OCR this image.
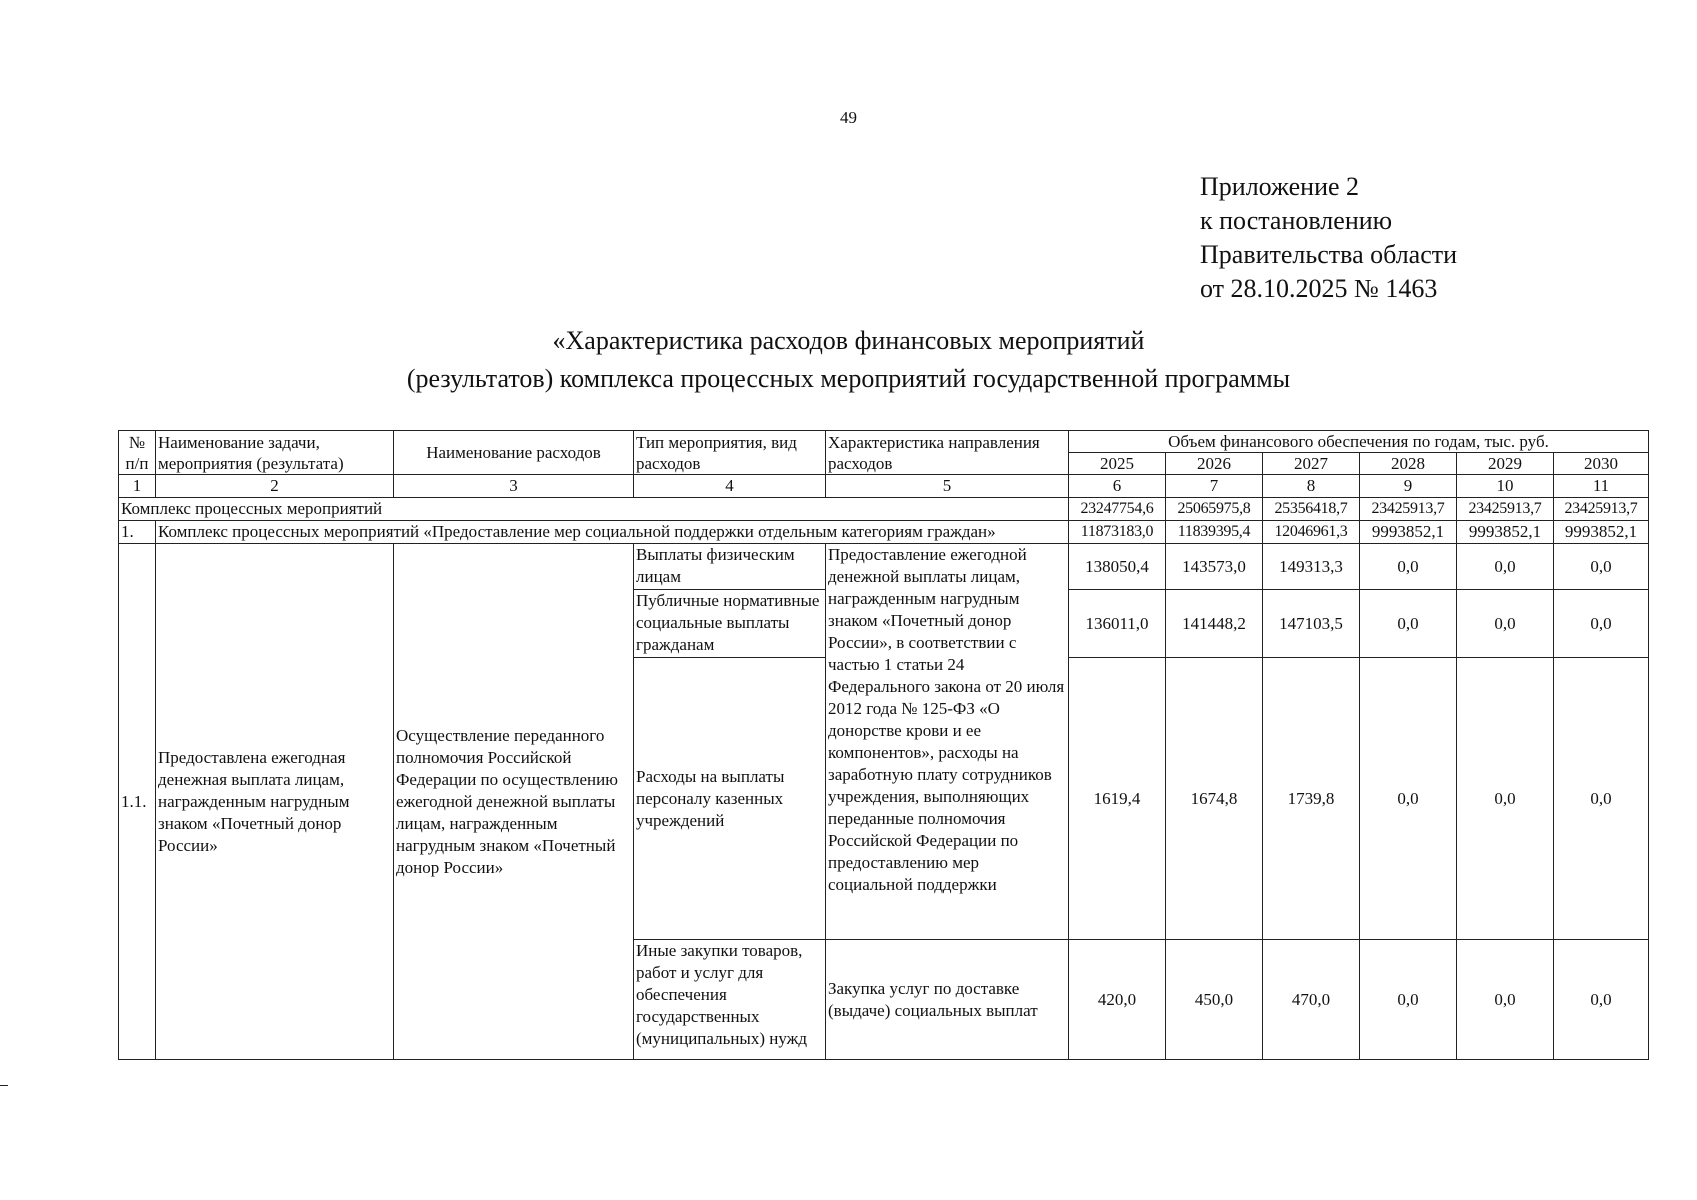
49
Приложение 2
к постановлению
Правительства области
от 28.10.2025 № 1463
«Характеристика расходов финансовых мероприятий
(результатов) комплекса процессных мероприятий государственной программы
№ п/п	Наименование задачи, мероприятия (результата)	Наименование расходов	Тип мероприятия, вид расходов	Характеристика направления расходов	Объем финансового обеспечения по годам, тыс. руб.					
					2025	2026	2027	2028	2029	2030
1	2	3	4	5	6	7	8	9	10	11
Комплекс процессных мероприятий					23247754,6	25065975,8	25356418,7	23425913,7	23425913,7	23425913,7
1.	Комплекс процессных мероприятий «Предоставление мер социальной поддержки отдельным категориям граждан»				11873183,0	11839395,4	12046961,3	9993852,1	9993852,1	9993852,1
1.1.	Предоставлена ежегодная денежная выплата лицам, награжденным нагрудным знаком «Почетный донор России»	Осуществление переданного полномочия Российской Федерации по осуществлению ежегодной денежной выплаты лицам, награжденным нагрудным знаком «Почетный донор России»	Выплаты физическим лицам	Предоставление ежегодной денежной выплаты лицам, награжденным нагрудным знаком «Почетный донор России», в соответствии с частью 1 статьи 24 Федерального закона от 20 июля 2012 года № 125-ФЗ «О донорстве крови и ее компонентов», расходы на заработную плату сотрудников учреждения, выполняющих переданные полномочия Российской Федерации по предоставлению мер социальной поддержки	138050,4	143573,0	149313,3	0,0	0,0	0,0
			Публичные нормативные социальные выплаты гражданам		136011,0	141448,2	147103,5	0,0	0,0	0,0
			Расходы на выплаты персоналу казенных учреждений		1619,4	1674,8	1739,8	0,0	0,0	0,0
			Иные закупки товаров, работ и услуг для обеспечения государственных (муниципальных) нужд	Закупка услуг по доставке (выдаче) социальных выплат	420,0	450,0	470,0	0,0	0,0	0,0
